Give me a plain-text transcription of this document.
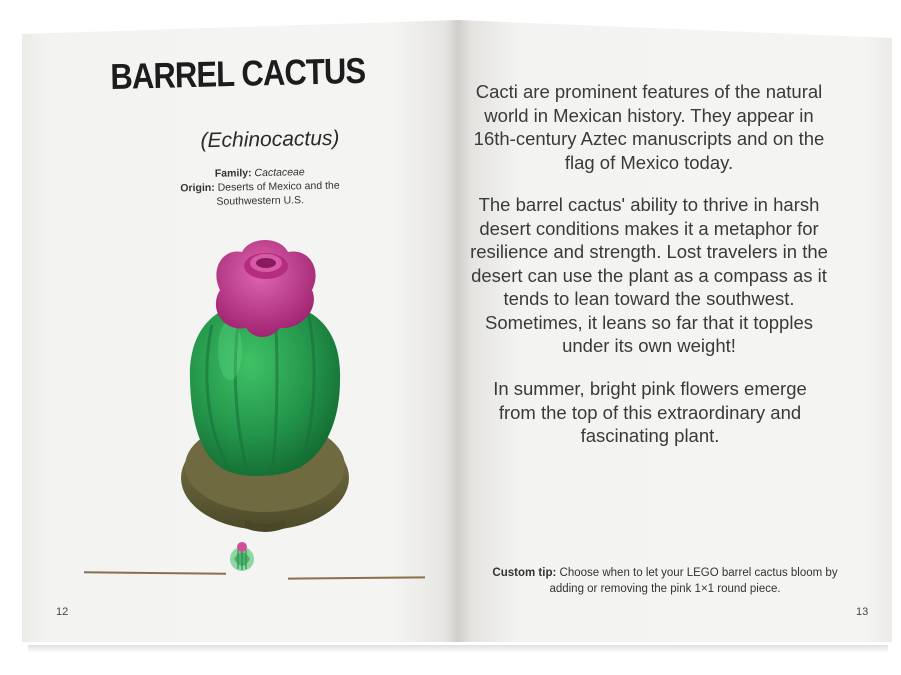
BARREL CACTUS
(Echinocactus)
Family: Cactaceae
Origin: Deserts of Mexico and the Southwestern U.S.
12
Cacti are prominent features of the natural world in Mexican history. They appear in 16th-century Aztec manuscripts and on the flag of Mexico today.
The barrel cactus' ability to thrive in harsh desert conditions makes it a metaphor for resilience and strength. Lost travelers in the desert can use the plant as a compass as it tends to lean toward the southwest. Sometimes, it leans so far that it topples under its own weight!
In summer, bright pink flowers emerge from the top of this extraordinary and fascinating plant.
Custom tip: Choose when to let your LEGO barrel cactus bloom by adding or removing the pink 1×1 round piece.
13
